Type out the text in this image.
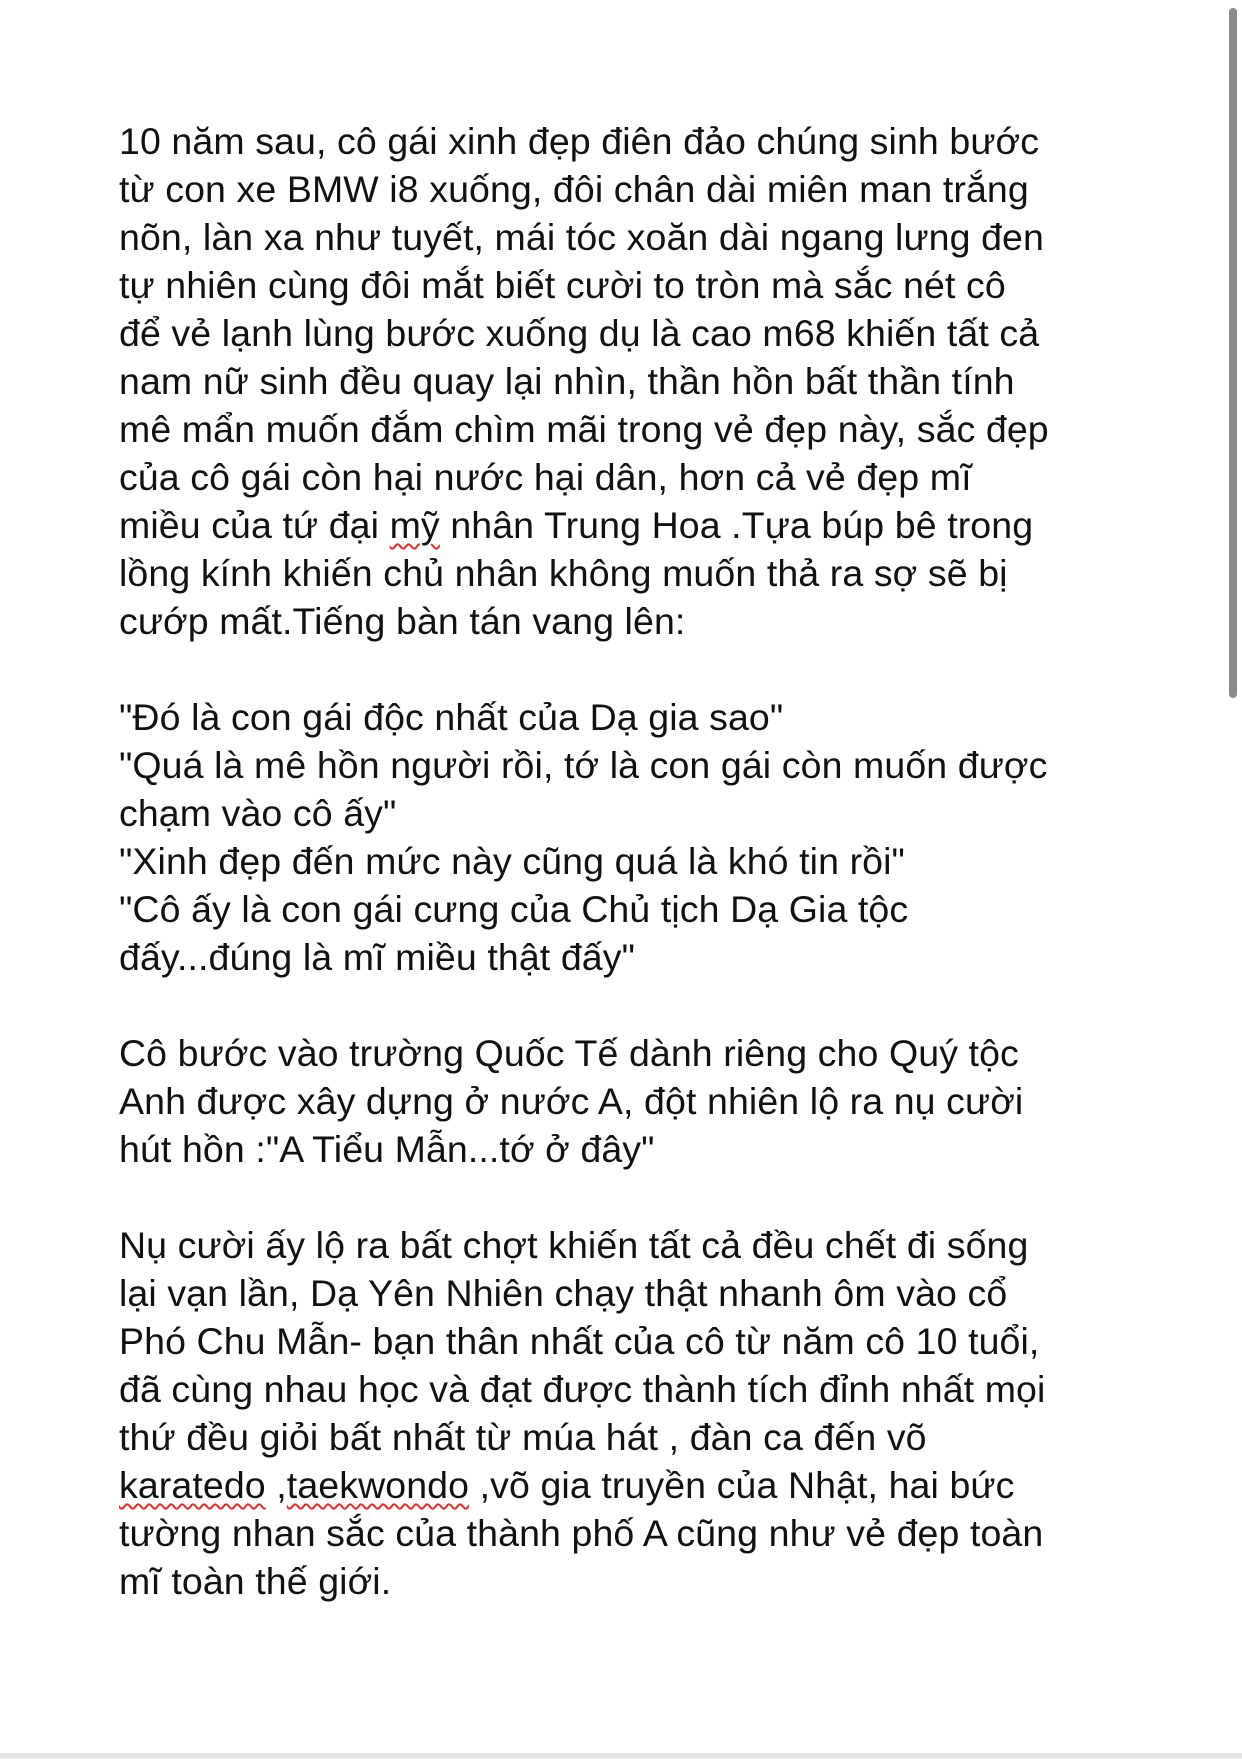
10 năm sau, cô gái xinh đẹp điên đảo chúng sinh bước
từ con xe BMW i8 xuống, đôi chân dài miên man trắng
nõn, làn xa như tuyết, mái tóc xoăn dài ngang lưng đen
tự nhiên cùng đôi mắt biết cười to tròn mà sắc nét cô
để vẻ lạnh lùng bước xuống dụ là cao m68 khiến tất cả
nam nữ sinh đều quay lại nhìn, thần hồn bất thần tính
mê mẩn muốn đắm chìm mãi trong vẻ đẹp này, sắc đẹp
của cô gái còn hại nước hại dân, hơn cả vẻ đẹp mĩ
miều của tứ đại mỹ nhân Trung Hoa .Tựa búp bê trong
lồng kính khiến chủ nhân không muốn thả ra sợ sẽ bị
cướp mất.Tiếng bàn tán vang lên:
"Đó là con gái độc nhất của Dạ gia sao"
"Quá là mê hồn người rồi, tớ là con gái còn muốn được
chạm vào cô ấy"
"Xinh đẹp đến mức này cũng quá là khó tin rồi"
"Cô ấy là con gái cưng của Chủ tịch Dạ Gia tộc
đấy...đúng là mĩ miều thật đấy"
Cô bước vào trường Quốc Tế dành riêng cho Quý tộc
Anh được xây dựng ở nước A, đột nhiên lộ ra nụ cười
hút hồn :"A Tiểu Mẫn...tớ ở đây"
Nụ cười ấy lộ ra bất chợt khiến tất cả đều chết đi sống
lại vạn lần, Dạ Yên Nhiên chạy thật nhanh ôm vào cổ
Phó Chu Mẫn- bạn thân nhất của cô từ năm cô 10 tuổi,
đã cùng nhau học và đạt được thành tích đỉnh nhất mọi
thứ đều giỏi bất nhất từ múa hát , đàn ca đến võ
karatedo ,taekwondo ,võ gia truyền của Nhật, hai bức
tường nhan sắc của thành phố A cũng như vẻ đẹp toàn
mĩ toàn thế giới.
